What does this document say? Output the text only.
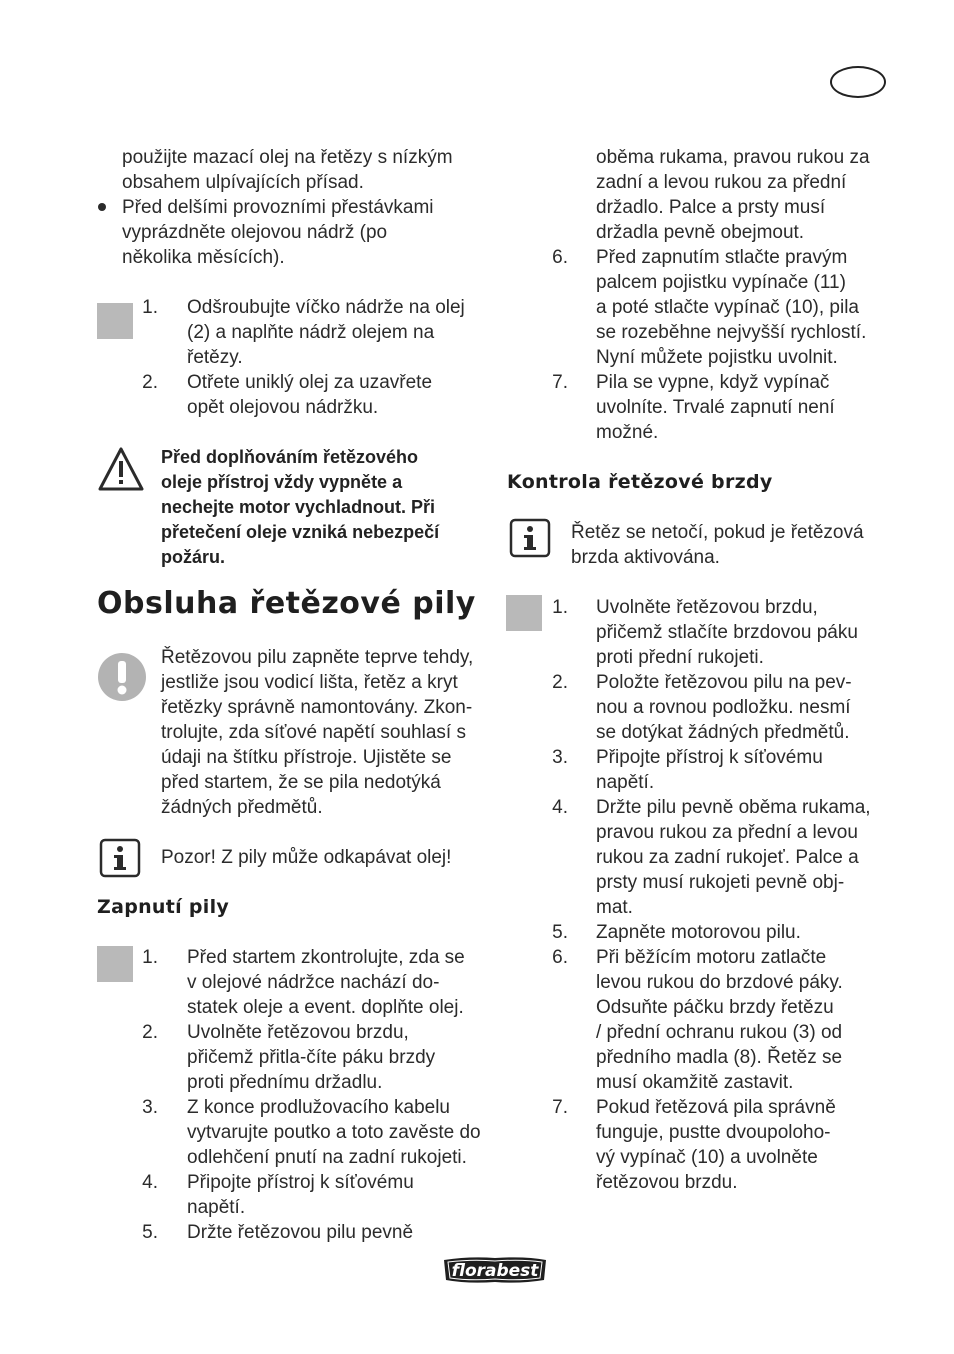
použijte mazací olej na řetězy s nízkým
obsahem ulpívajících přísad.
Před delšími provozními přestávkami
vyprázdněte olejovou nádrž (po
několika měsících).
1. Odšroubujte víčko nádrže na olej
(2) a naplňte nádrž olejem na
řetězy.
2. Otřete uniklý olej za uzavřete
opět olejovou nádržku.
Před doplňováním řetězového
oleje přístroj vždy vypněte a
nechejte motor vychladnout. Při
přetečení oleje vzniká nebezpečí
požáru.
Obsluha řetězové pily
Řetězovou pilu zapněte teprve tehdy,
jestliže jsou vodicí lišta, řetěz a kryt
řetězky správně namontovány. Zkon-
trolujte, zda síťové napětí souhlasí s
údaji na štítku přístroje. Ujistěte se
před startem, že se pila nedotýká
žádných předmětů.
Pozor! Z pily může odkapávat olej!
Zapnutí pily
1. Před startem zkontrolujte, zda se
v olejové nádržce nachází do-
statek oleje a event. doplňte olej.
2. Uvolněte řetězovou brzdu,
přičemž přitla-číte páku brzdy
proti přednímu držadlu.
3. Z konce prodlužovacího kabelu
vytvarujte poutko a toto zavěste do
odlehčení pnutí na zadní rukojeti.
4. Připojte přístroj k síťovému
napětí.
5. Držte řetězovou pilu pevně
oběma rukama, pravou rukou za
zadní a levou rukou za přední
držadlo. Palce a prsty musí
držadla pevně obejmout.
6. Před zapnutím stlačte pravým
palcem pojistku vypínače (11)
a poté stlačte vypínač (10), pila
se rozeběhne nejvyšší rychlostí.
Nyní můžete pojistku uvolnit.
7. Pila se vypne, když vypínač
uvolníte. Trvalé zapnutí není
možné.
Kontrola řetězové brzdy
Řetěz se netočí, pokud je řetězová
brzda aktivována.
1. Uvolněte řetězovou brzdu,
přičemž stlačíte brzdovou páku
proti přední rukojeti.
2. Položte řetězovou pilu na pev-
nou a rovnou podložku. nesmí
se dotýkat žádných předmětů.
3. Připojte přístroj k síťovému
napětí.
4. Držte pilu pevně oběma rukama,
pravou rukou za přední a levou
rukou za zadní rukojeť. Palce a
prsty musí rukojeti pevně obj-
mat.
5. Zapněte motorovou pilu.
6. Při běžícím motoru zatlačte
levou rukou do brzdové páky.
Odsuňte páčku brzdy řetězu
/ přední ochranu rukou (3) od
předního madla (8). Řetěz se
musí okamžitě zastavit.
7. Pokud řetězová pila správně
funguje, pustte dvoupoloho-
vý vypínač (10) a uvolněte
řetězovou brzdu.
florabest
